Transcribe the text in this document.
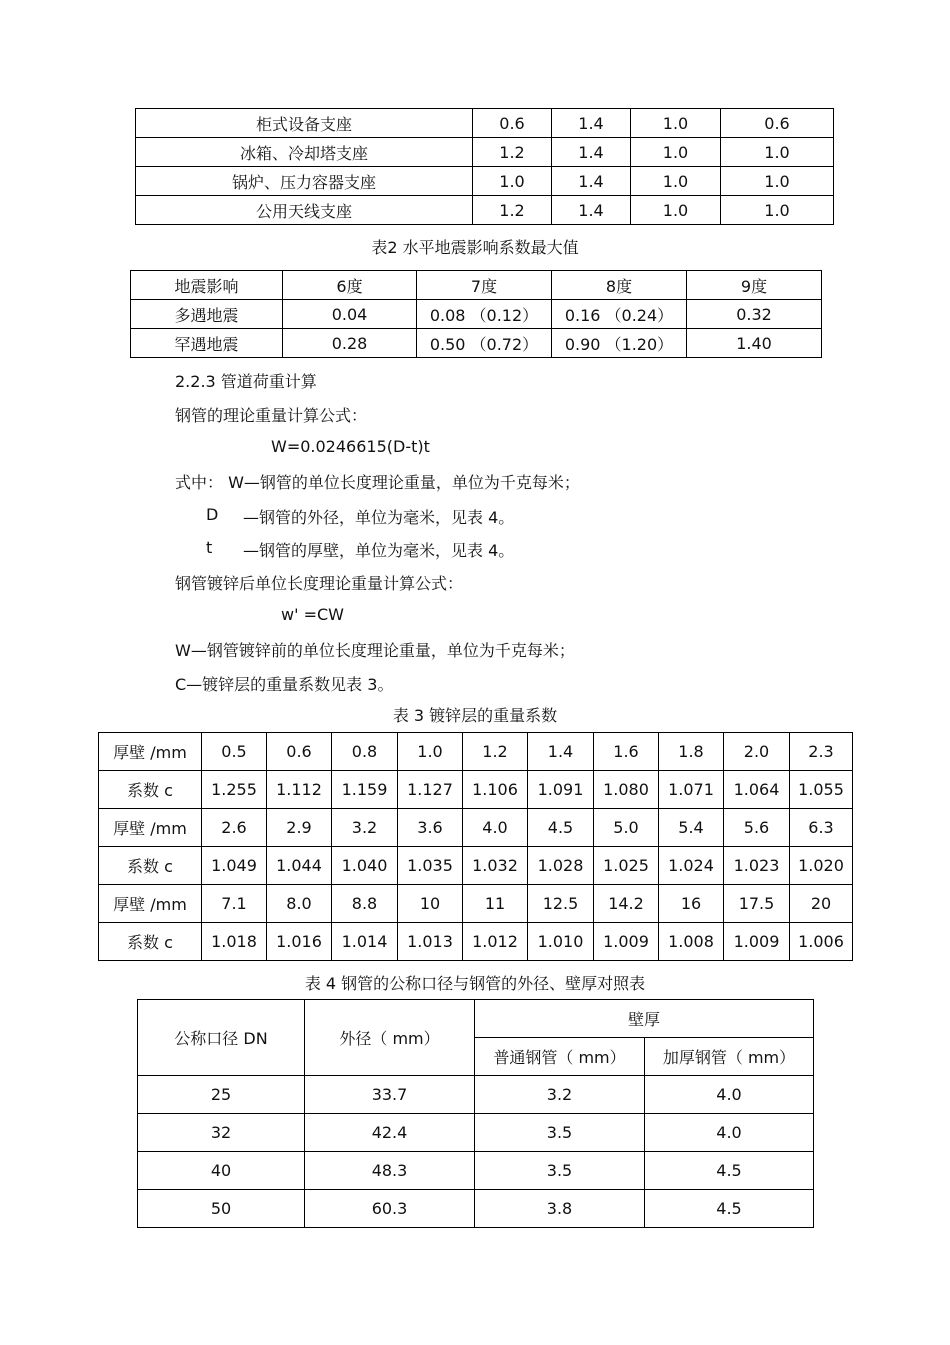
柜式设备支座	0.6	1.4	1.0	0.6
冰箱、冷却塔支座	1.2	1.4	1.0	1.0
锅炉、压力容器支座	1.0	1.4	1.0	1.0
公用天线支座	1.2	1.4	1.0	1.0
表2 水平地震影响系数最大值
地震影响	6度	7度	8度	9度
多遇地震	0.04	0.08 （0.12）	0.16 （0.24）	0.32
罕遇地震	0.28	0.50 （0.72）	0.90 （1.20）	1.40
2.2.3 管道荷重计算
钢管的理论重量计算公式：
W=0.0246615(D-t)t
式中： W—钢管的单位长度理论重量，单位为千克每米；
D —钢管的外径，单位为毫米，见表 4。
t —钢管的厚壁，单位为毫米，见表 4。
钢管镀锌后单位长度理论重量计算公式：
w' =CW
W—钢管镀锌前的单位长度理论重量，单位为千克每米；
C—镀锌层的重量系数见表 3。
表 3 镀锌层的重量系数
厚壁 /mm	0.5	0.6	0.8	1.0	1.2	1.4	1.6	1.8	2.0	2.3
系数 c	1.255	1.112	1.159	1.127	1.106	1.091	1.080	1.071	1.064	1.055
厚壁 /mm	2.6	2.9	3.2	3.6	4.0	4.5	5.0	5.4	5.6	6.3
系数 c	1.049	1.044	1.040	1.035	1.032	1.028	1.025	1.024	1.023	1.020
厚壁 /mm	7.1	8.0	8.8	10	11	12.5	14.2	16	17.5	20
系数 c	1.018	1.016	1.014	1.013	1.012	1.010	1.009	1.008	1.009	1.006
表 4 钢管的公称口径与钢管的外径、壁厚对照表
公称口径 DN	外径（ mm）	壁厚	
		普通钢管（ mm）	加厚钢管（ mm）
25	33.7	3.2	4.0
32	42.4	3.5	4.0
40	48.3	3.5	4.5
50	60.3	3.8	4.5
